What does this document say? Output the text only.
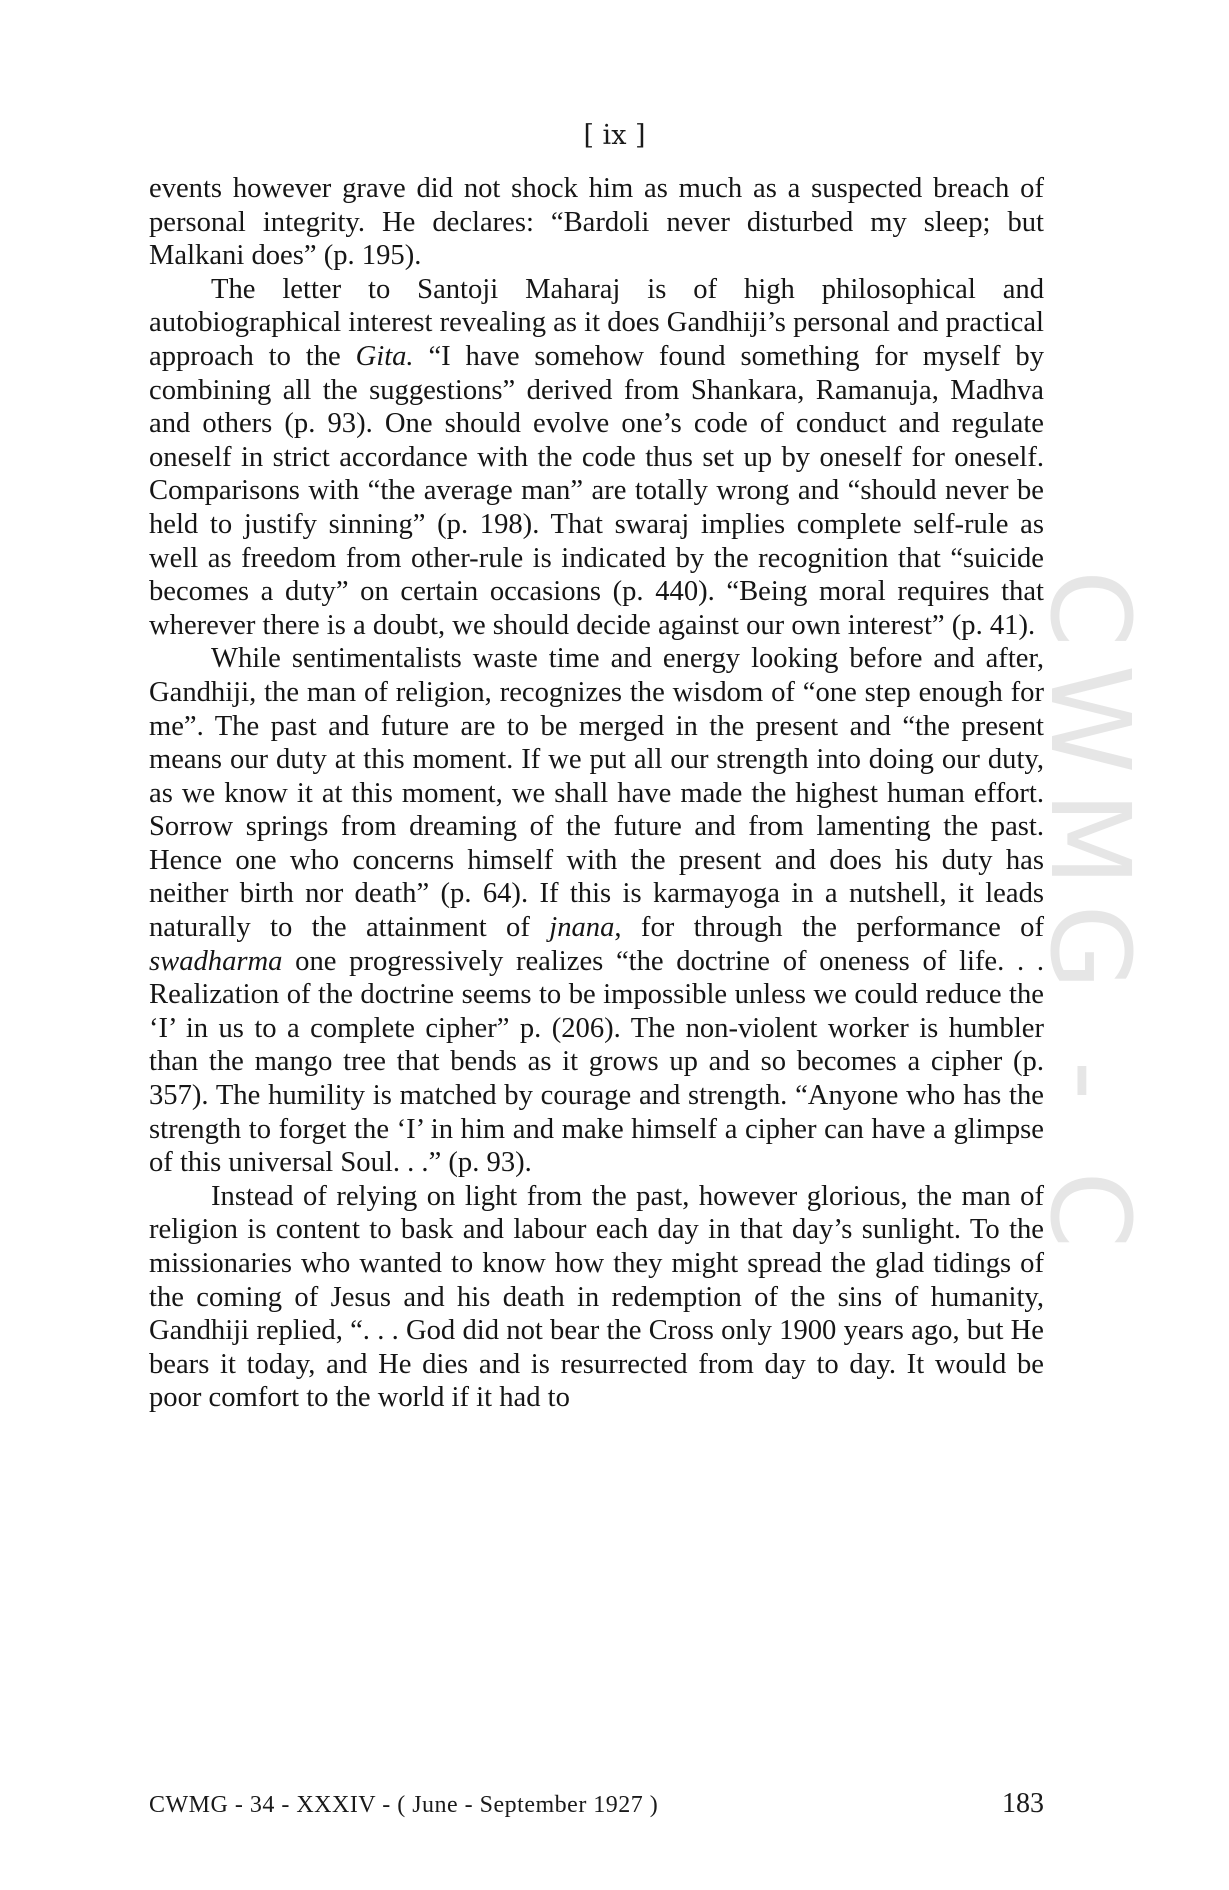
CWMG - C
[ ix ]

events however grave did not shock him as much as a suspected breach of personal integrity. He declares: “Bardoli never disturbed my sleep; but Malkani does” (p. 195).

The letter to Santoji Maharaj is of high philosophical and autobiographical interest revealing as it does Gandhiji’s personal and practical approach to the Gita. “I have somehow found something for myself by combining all the suggestions” derived from Shankara, Ramanuja, Madhva and others (p. 93). One should evolve one’s code of conduct and regulate oneself in strict accordance with the code thus set up by oneself for oneself. Comparisons with “the average man” are totally wrong and “should never be held to justify sinning” (p. 198). That swaraj implies complete self-rule as well as freedom from other-rule is indicated by the recognition that “suicide becomes a duty” on certain occasions (p. 440). “Being moral requires that wherever there is a doubt, we should decide against our own interest” (p. 41).

While sentimentalists waste time and energy looking before and after, Gandhiji, the man of religion, recognizes the wisdom of “one step enough for me”. The past and future are to be merged in the present and “the present means our duty at this moment. If we put all our strength into doing our duty, as we know it at this moment, we shall have made the highest human effort. Sorrow springs from dreaming of the future and from lamenting the past. Hence one who concerns himself with the present and does his duty has neither birth nor death” (p. 64). If this is karmayoga in a nutshell, it leads naturally to the attainment of jnana, for through the performance of swadharma one progressively realizes “the doctrine of oneness of life. . . Realization of the doctrine seems to be impossible unless we could reduce the ‘I’ in us to a complete cipher” p. (206). The non-violent worker is humbler than the mango tree that bends as it grows up and so becomes a cipher (p. 357). The humility is matched by courage and strength. “Anyone who has the strength to forget the ‘I’ in him and make himself a cipher can have a glimpse of this universal Soul. . .” (p. 93).

Instead of relying on light from the past, however glorious, the man of religion is content to bask and labour each day in that day’s sunlight. To the missionaries who wanted to know how they might spread the glad tidings of the coming of Jesus and his death in redemption of the sins of humanity, Gandhiji replied, “. . . God did not bear the Cross only 1900 years ago, but He bears it today, and He dies and is resurrected from day to day. It would be poor comfort to the world if it had to

CWMG - 34 - XXXIV - ( June - September 1927 )	183
